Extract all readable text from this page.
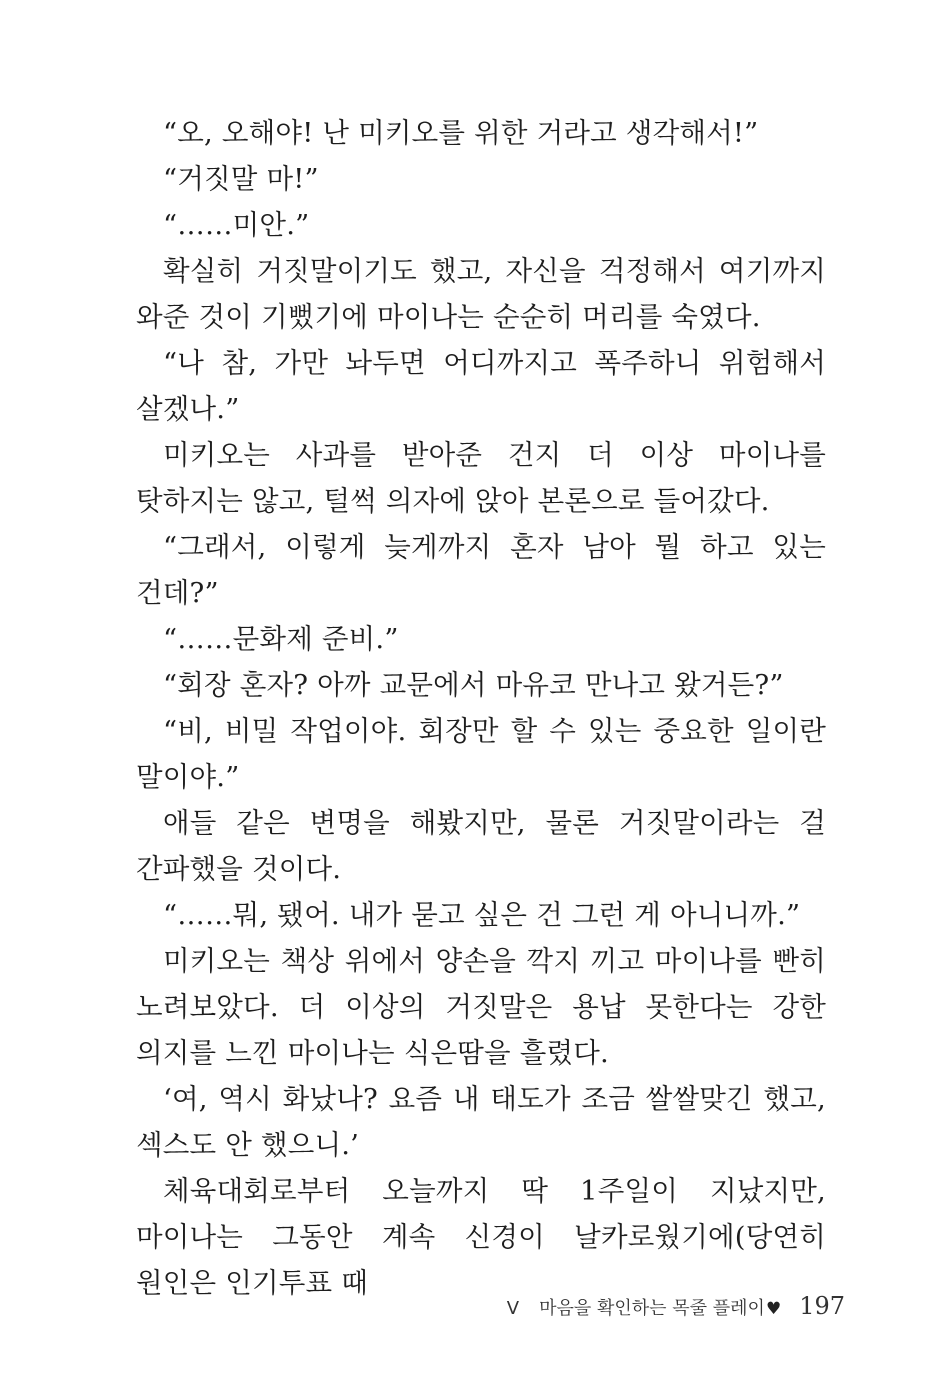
“오, 오해야! 난 미키오를 위한 거라고 생각해서!”

“거짓말 마!”

“……미안.”

확실히 거짓말이기도 했고, 자신을 걱정해서 여기까지 와준 것이 기뻤기에 마이나는 순순히 머리를 숙였다.

“나 참, 가만 놔두면 어디까지고 폭주하니 위험해서 살겠나.”

미키오는 사과를 받아준 건지 더 이상 마이나를 탓하지는 않고, 털썩 의자에 앉아 본론으로 들어갔다.

“그래서, 이렇게 늦게까지 혼자 남아 뭘 하고 있는 건데?”

“……문화제 준비.”

“회장 혼자? 아까 교문에서 마유코 만나고 왔거든?”

“비, 비밀 작업이야. 회장만 할 수 있는 중요한 일이란 말이야.”

애들 같은 변명을 해봤지만, 물론 거짓말이라는 걸 간파했을 것이다.

“……뭐, 됐어. 내가 묻고 싶은 건 그런 게 아니니까.”

미키오는 책상 위에서 양손을 깍지 끼고 마이나를 빤히 노려보았다. 더 이상의 거짓말은 용납 못한다는 강한 의지를 느낀 마이나는 식은땀을 흘렸다.

‘여, 역시 화났나? 요즘 내 태도가 조금 쌀쌀맞긴 했고, 섹스도 안 했으니.’

체육대회로부터 오늘까지 딱 1주일이 지났지만, 마이나는 그동안 계속 신경이 날카로웠기에(당연히 원인은 인기투표 때

V 마음을 확인하는 목줄 플레이 ♥ 197
